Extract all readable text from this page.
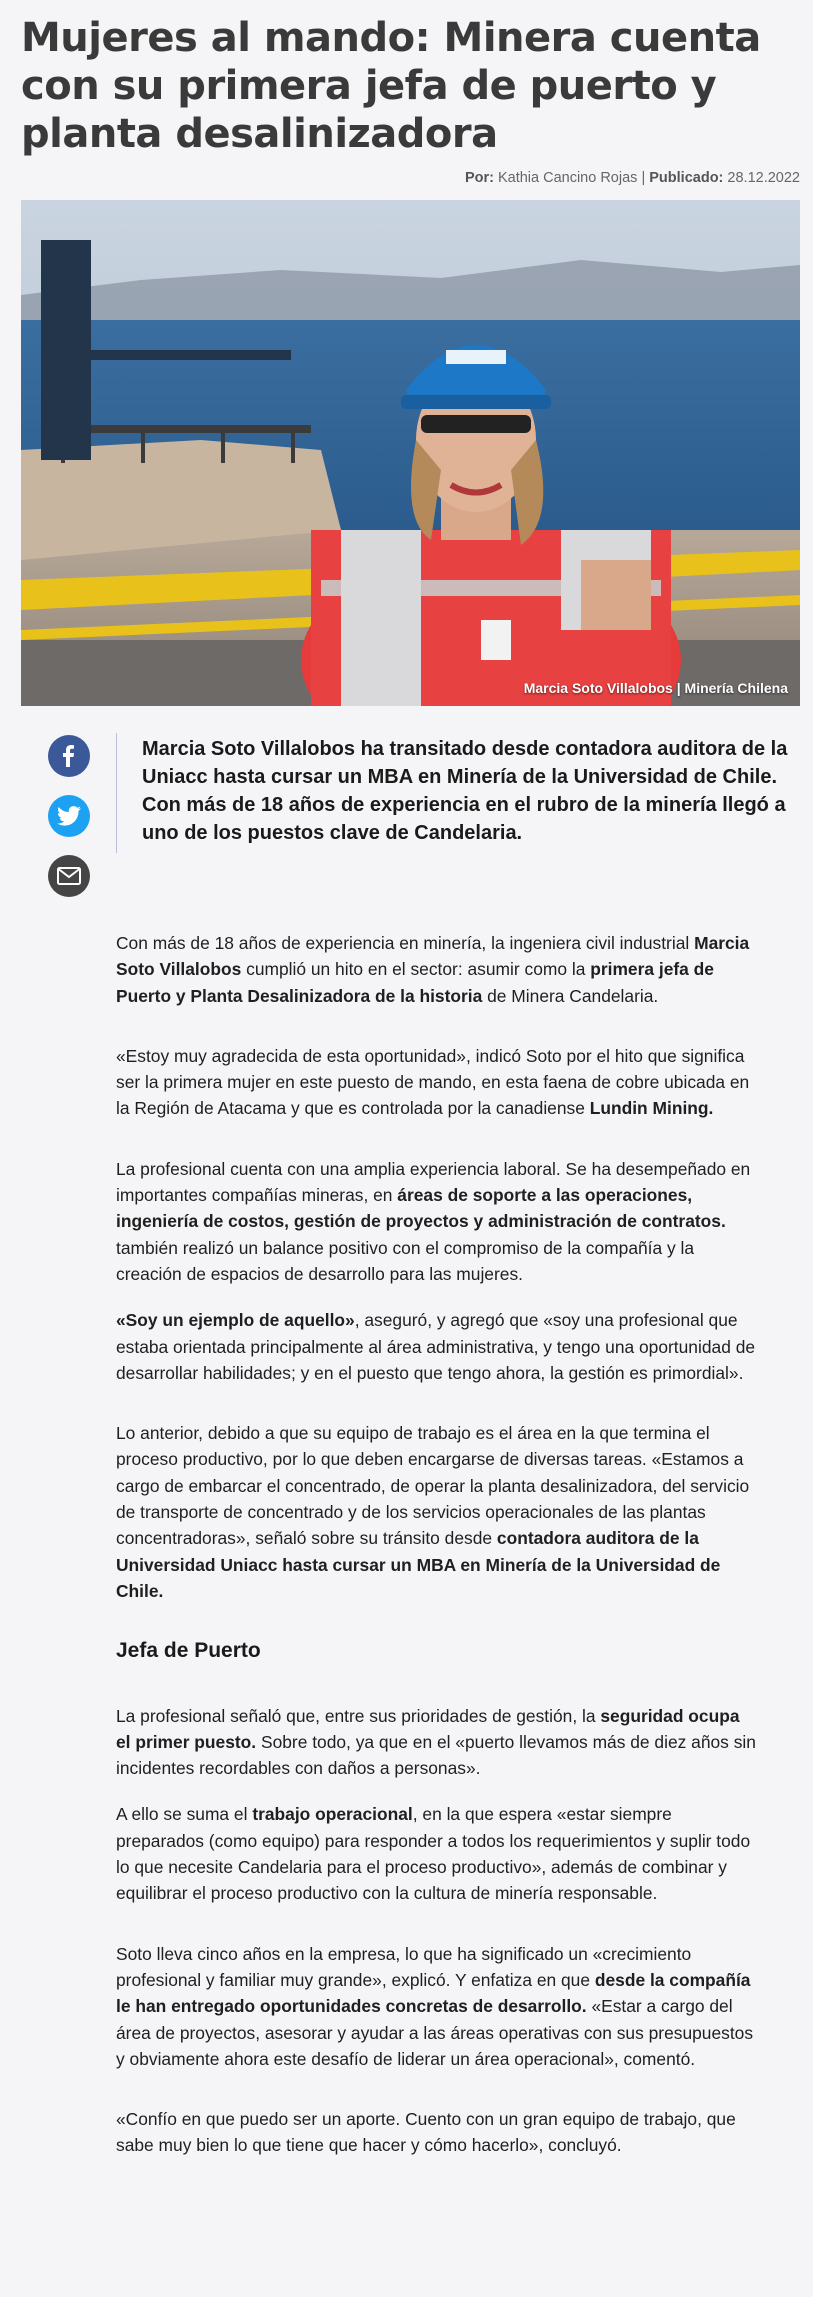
Mujeres al mando: Minera cuenta con su primera jefa de puerto y planta desalinizadora
Por: Kathia Cancino Rojas | Publicado: 28.12.2022
Marcia Soto Villalobos | Minería Chilena

Marcia Soto Villalobos ha transitado desde contadora auditora de la Uniacc hasta cursar un MBA en Minería de la Universidad de Chile. Con más de 18 años de experiencia en el rubro de la minería llegó a uno de los puestos clave de Candelaria.

Con más de 18 años de experiencia en minería, la ingeniera civil industrial Marcia Soto Villalobos cumplió un hito en el sector: asumir como la primera jefa de Puerto y Planta Desalinizadora de la historia de Minera Candelaria.

«Estoy muy agradecida de esta oportunidad», indicó Soto por el hito que significa ser la primera mujer en este puesto de mando, en esta faena de cobre ubicada en la Región de Atacama y que es controlada por la canadiense Lundin Mining.

La profesional cuenta con una amplia experiencia laboral. Se ha desempeñado en importantes compañías mineras, en áreas de soporte a las operaciones, ingeniería de costos, gestión de proyectos y administración de contratos. también realizó un balance positivo con el compromiso de la compañía y la creación de espacios de desarrollo para las mujeres.

«Soy un ejemplo de aquello», aseguró, y agregó que «soy una profesional que estaba orientada principalmente al área administrativa, y tengo una oportunidad de desarrollar habilidades; y en el puesto que tengo ahora, la gestión es primordial».

Lo anterior, debido a que su equipo de trabajo es el área en la que termina el proceso productivo, por lo que deben encargarse de diversas tareas. «Estamos a cargo de embarcar el concentrado, de operar la planta desalinizadora, del servicio de transporte de concentrado y de los servicios operacionales de las plantas concentradoras», señaló sobre su tránsito desde contadora auditora de la Universidad Uniacc hasta cursar un MBA en Minería de la Universidad de Chile.

Jefa de Puerto

La profesional señaló que, entre sus prioridades de gestión, la seguridad ocupa el primer puesto. Sobre todo, ya que en el «puerto llevamos más de diez años sin incidentes recordables con daños a personas».

A ello se suma el trabajo operacional, en la que espera «estar siempre preparados (como equipo) para responder a todos los requerimientos y suplir todo lo que necesite Candelaria para el proceso productivo», además de combinar y equilibrar el proceso productivo con la cultura de minería responsable.

Soto lleva cinco años en la empresa, lo que ha significado un «crecimiento profesional y familiar muy grande», explicó. Y enfatiza en que desde la compañía le han entregado oportunidades concretas de desarrollo. «Estar a cargo del área de proyectos, asesorar y ayudar a las áreas operativas con sus presupuestos y obviamente ahora este desafío de liderar un área operacional», comentó.

«Confío en que puedo ser un aporte. Cuento con un gran equipo de trabajo, que sabe muy bien lo que tiene que hacer y cómo hacerlo», concluyó.
